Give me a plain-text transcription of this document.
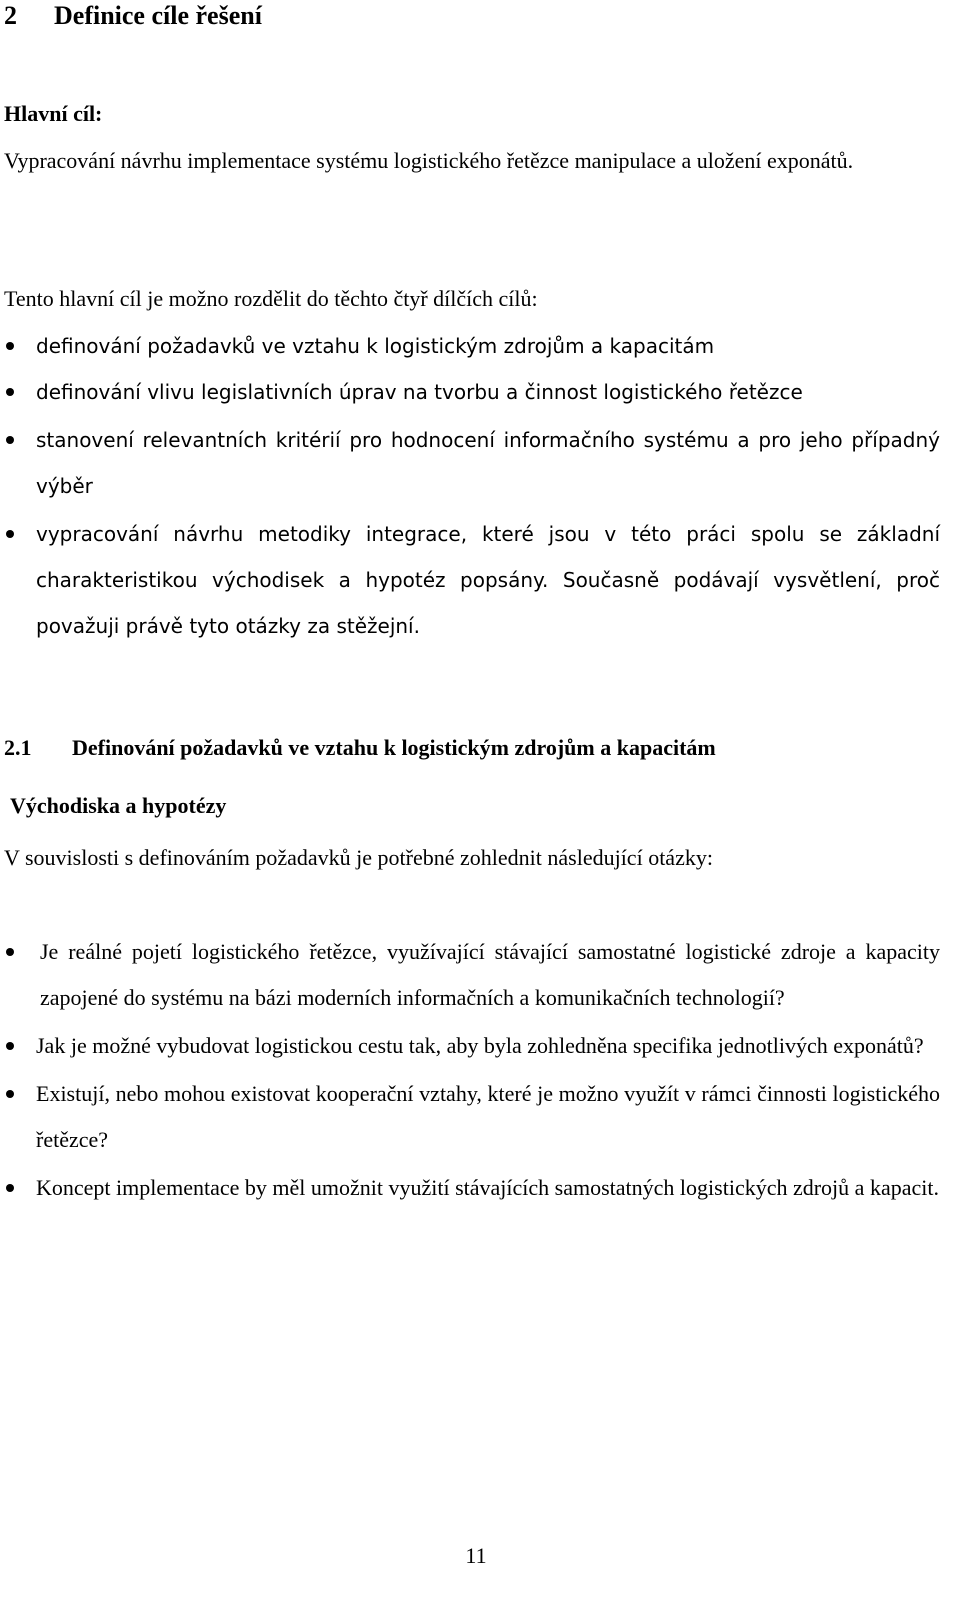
2 Definice cíle řešení
Hlavní cíl:
Vypracování návrhu implementace systému logistického řetězce manipulace a uložení exponátů.
Tento hlavní cíl je možno rozdělit do těchto čtyř dílčích cílů:
definování požadavků ve vztahu k logistickým zdrojům a kapacitám
definování vlivu legislativních úprav na tvorbu a činnost logistického řetězce
stanovení relevantních kritérií pro hodnocení informačního systému a pro jeho případný výběr
vypracování návrhu metodiky integrace, které jsou v této práci spolu se základní charakteristikou východisek a hypotéz popsány. Současně podávají vysvětlení, proč považuji právě tyto otázky za stěžejní.
2.1 Definování požadavků ve vztahu k logistickým zdrojům a kapacitám
Východiska a hypotézy
V souvislosti s definováním požadavků je potřebné zohlednit následující otázky:
Je reálné pojetí logistického řetězce, využívající stávající samostatné logistické zdroje a kapacity zapojené do systému na bázi moderních informačních a komunikačních technologií?
Jak je možné vybudovat logistickou cestu tak, aby byla zohledněna specifika jednotlivých exponátů?
Existují, nebo mohou existovat kooperační vztahy, které je možno využít v rámci činnosti logistického řetězce?
Koncept implementace by měl umožnit využití stávajících samostatných logistických zdrojů a kapacit.
11
